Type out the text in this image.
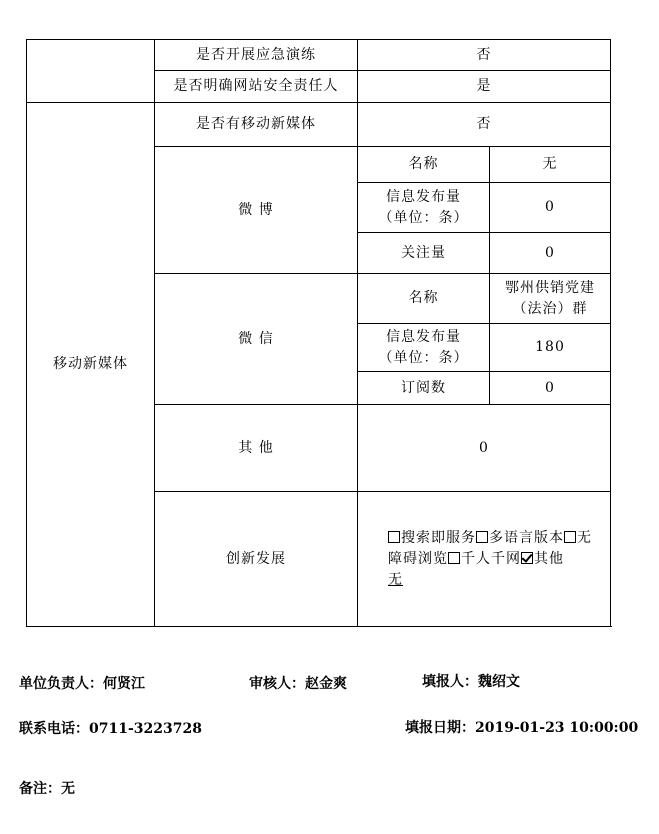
	是否开展应急演练	否	
	是否明确网站安全责任人	是	
移动新媒体	是否有移动新媒体	否	
	微 博	名称	无

		信息发布量
（单位：条）	0
		关注量	0
	微 信	名称	鄂州供销党建
（法治）群

		信息发布量
（单位：条）	180
		订阅数	0
	其 他	0	
	创新发展	搜索即服务 多语言版本 无障碍浏览 千人千网 其他
无	
单位负责人：何贤江	审核人：赵金爽	填报人：魏绍文
联系电话：0711-3223728	填报日期：2019-01-23 10:00:00
备注：无
